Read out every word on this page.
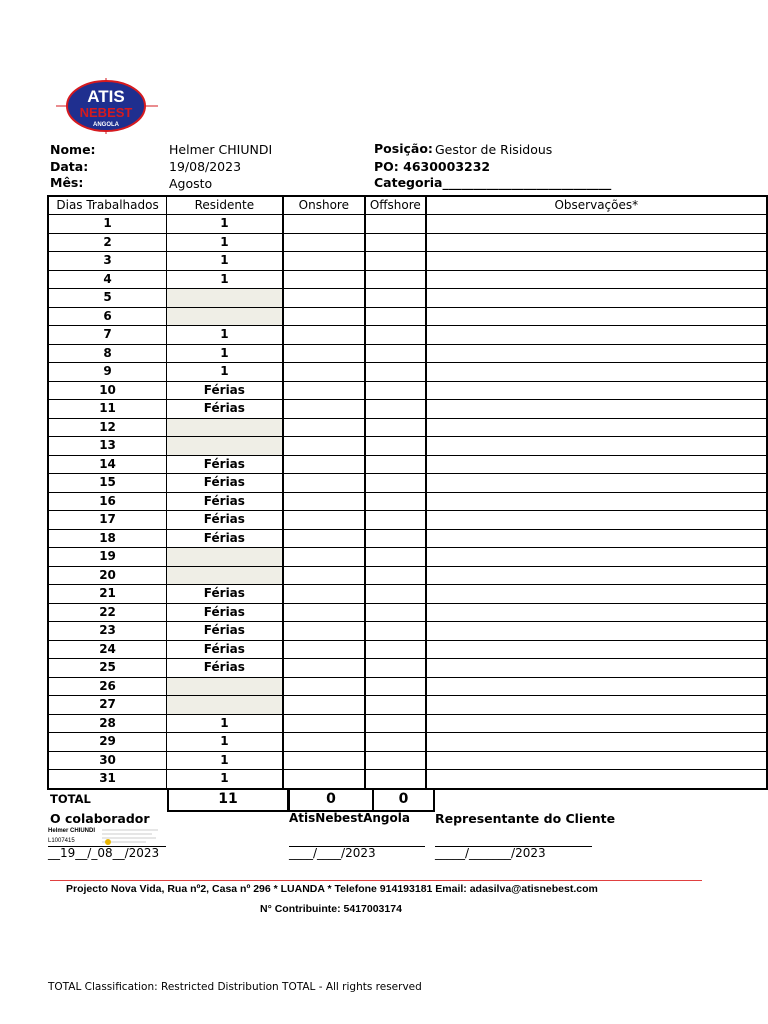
ATIS
NEBEST
ANGOLA
Nome:	Helmer CHIUNDI
Data:	19/08/2023
Mês:	Agosto
Posição: Gestor de Risidous
PO: 4630003232
Categoria___________________________
Dias Trabalhados	Residente	Onshore	Offshore	Observações*
1	1			
2	1			
3	1			
4	1			
5				
6				
7	1			
8	1			
9	1			
10	Férias			
11	Férias			
12				
13				
14	Férias			
15	Férias			
16	Férias			
17	Férias			
18	Férias			
19				
20				
21	Férias			
22	Férias			
23	Férias			
24	Férias			
25	Férias			
26				
27				
28	1			
29	1			
30	1			
31	1			
TOTAL	11	0	0
O colaborador	AtisNebestAngola Representante do Cliente
Helmer CHIUNDI
L1007415
__19__/_08__/2023	____/____/2023	_____/_______/2023
Projecto Nova Vida, Rua nº2, Casa nº 296 * LUANDA * Telefone 914193181 Email: adasilva@atisnebest.com
N° Contribuinte: 5417003174
TOTAL Classification: Restricted Distribution TOTAL - All rights reserved
